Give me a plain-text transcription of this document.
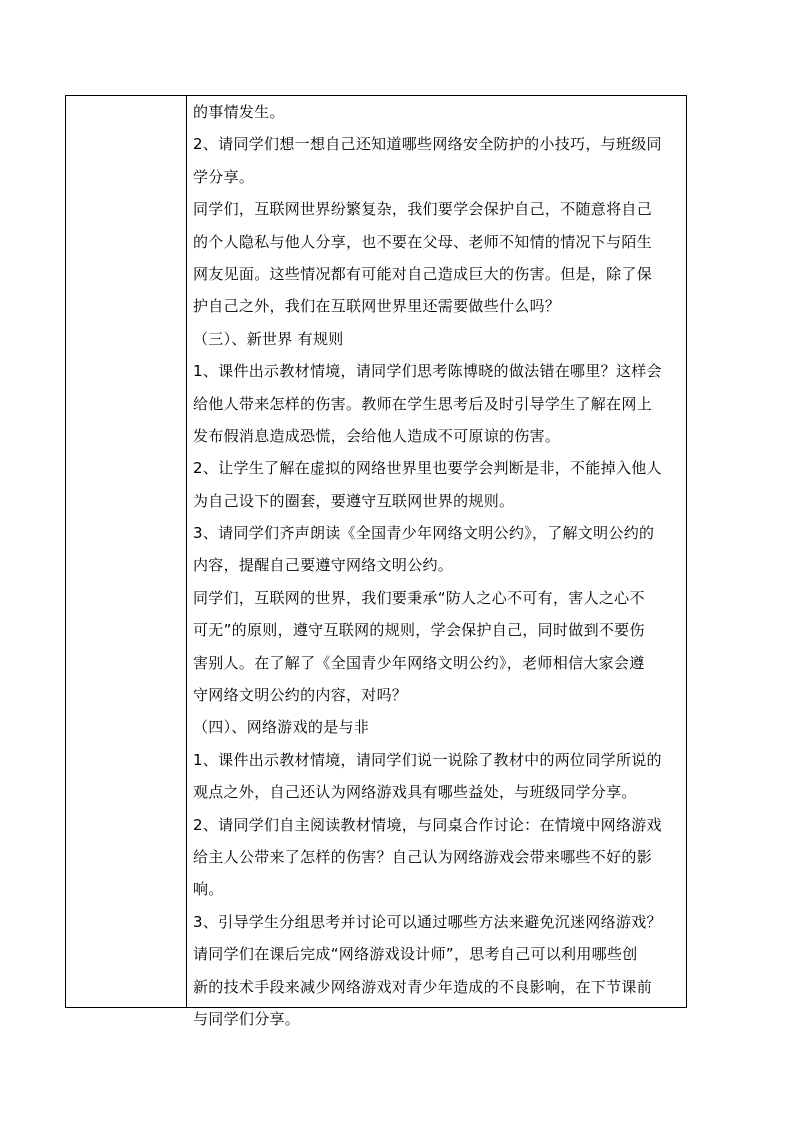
的事情发生。
2、请同学们想一想自己还知道哪些网络安全防护的小技巧，与班级同
学分享。
同学们，互联网世界纷繁复杂，我们要学会保护自己，不随意将自己
的个人隐私与他人分享，也不要在父母、老师不知情的情况下与陌生
网友见面。这些情况都有可能对自己造成巨大的伤害。但是，除了保
护自己之外，我们在互联网世界里还需要做些什么吗？
（三）、新世界 有规则
1、课件出示教材情境，请同学们思考陈博晓的做法错在哪里？这样会
给他人带来怎样的伤害。教师在学生思考后及时引导学生了解在网上
发布假消息造成恐慌，会给他人造成不可原谅的伤害。
2、让学生了解在虚拟的网络世界里也要学会判断是非，不能掉入他人
为自己设下的圈套，要遵守互联网世界的规则。
3、请同学们齐声朗读《全国青少年网络文明公约》，了解文明公约的
内容，提醒自己要遵守网络文明公约。
同学们，互联网的世界，我们要秉承“防人之心不可有，害人之心不
可无”的原则，遵守互联网的规则，学会保护自己，同时做到不要伤
害别人。在了解了《全国青少年网络文明公约》，老师相信大家会遵
守网络文明公约的内容，对吗？
（四）、网络游戏的是与非
1、课件出示教材情境，请同学们说一说除了教材中的两位同学所说的
观点之外，自己还认为网络游戏具有哪些益处，与班级同学分享。
2、请同学们自主阅读教材情境，与同桌合作讨论：在情境中网络游戏
给主人公带来了怎样的伤害？自己认为网络游戏会带来哪些不好的影
响。
3、引导学生分组思考并讨论可以通过哪些方法来避免沉迷网络游戏？
请同学们在课后完成“网络游戏设计师”，思考自己可以利用哪些创
新的技术手段来减少网络游戏对青少年造成的不良影响，在下节课前
与同学们分享。
